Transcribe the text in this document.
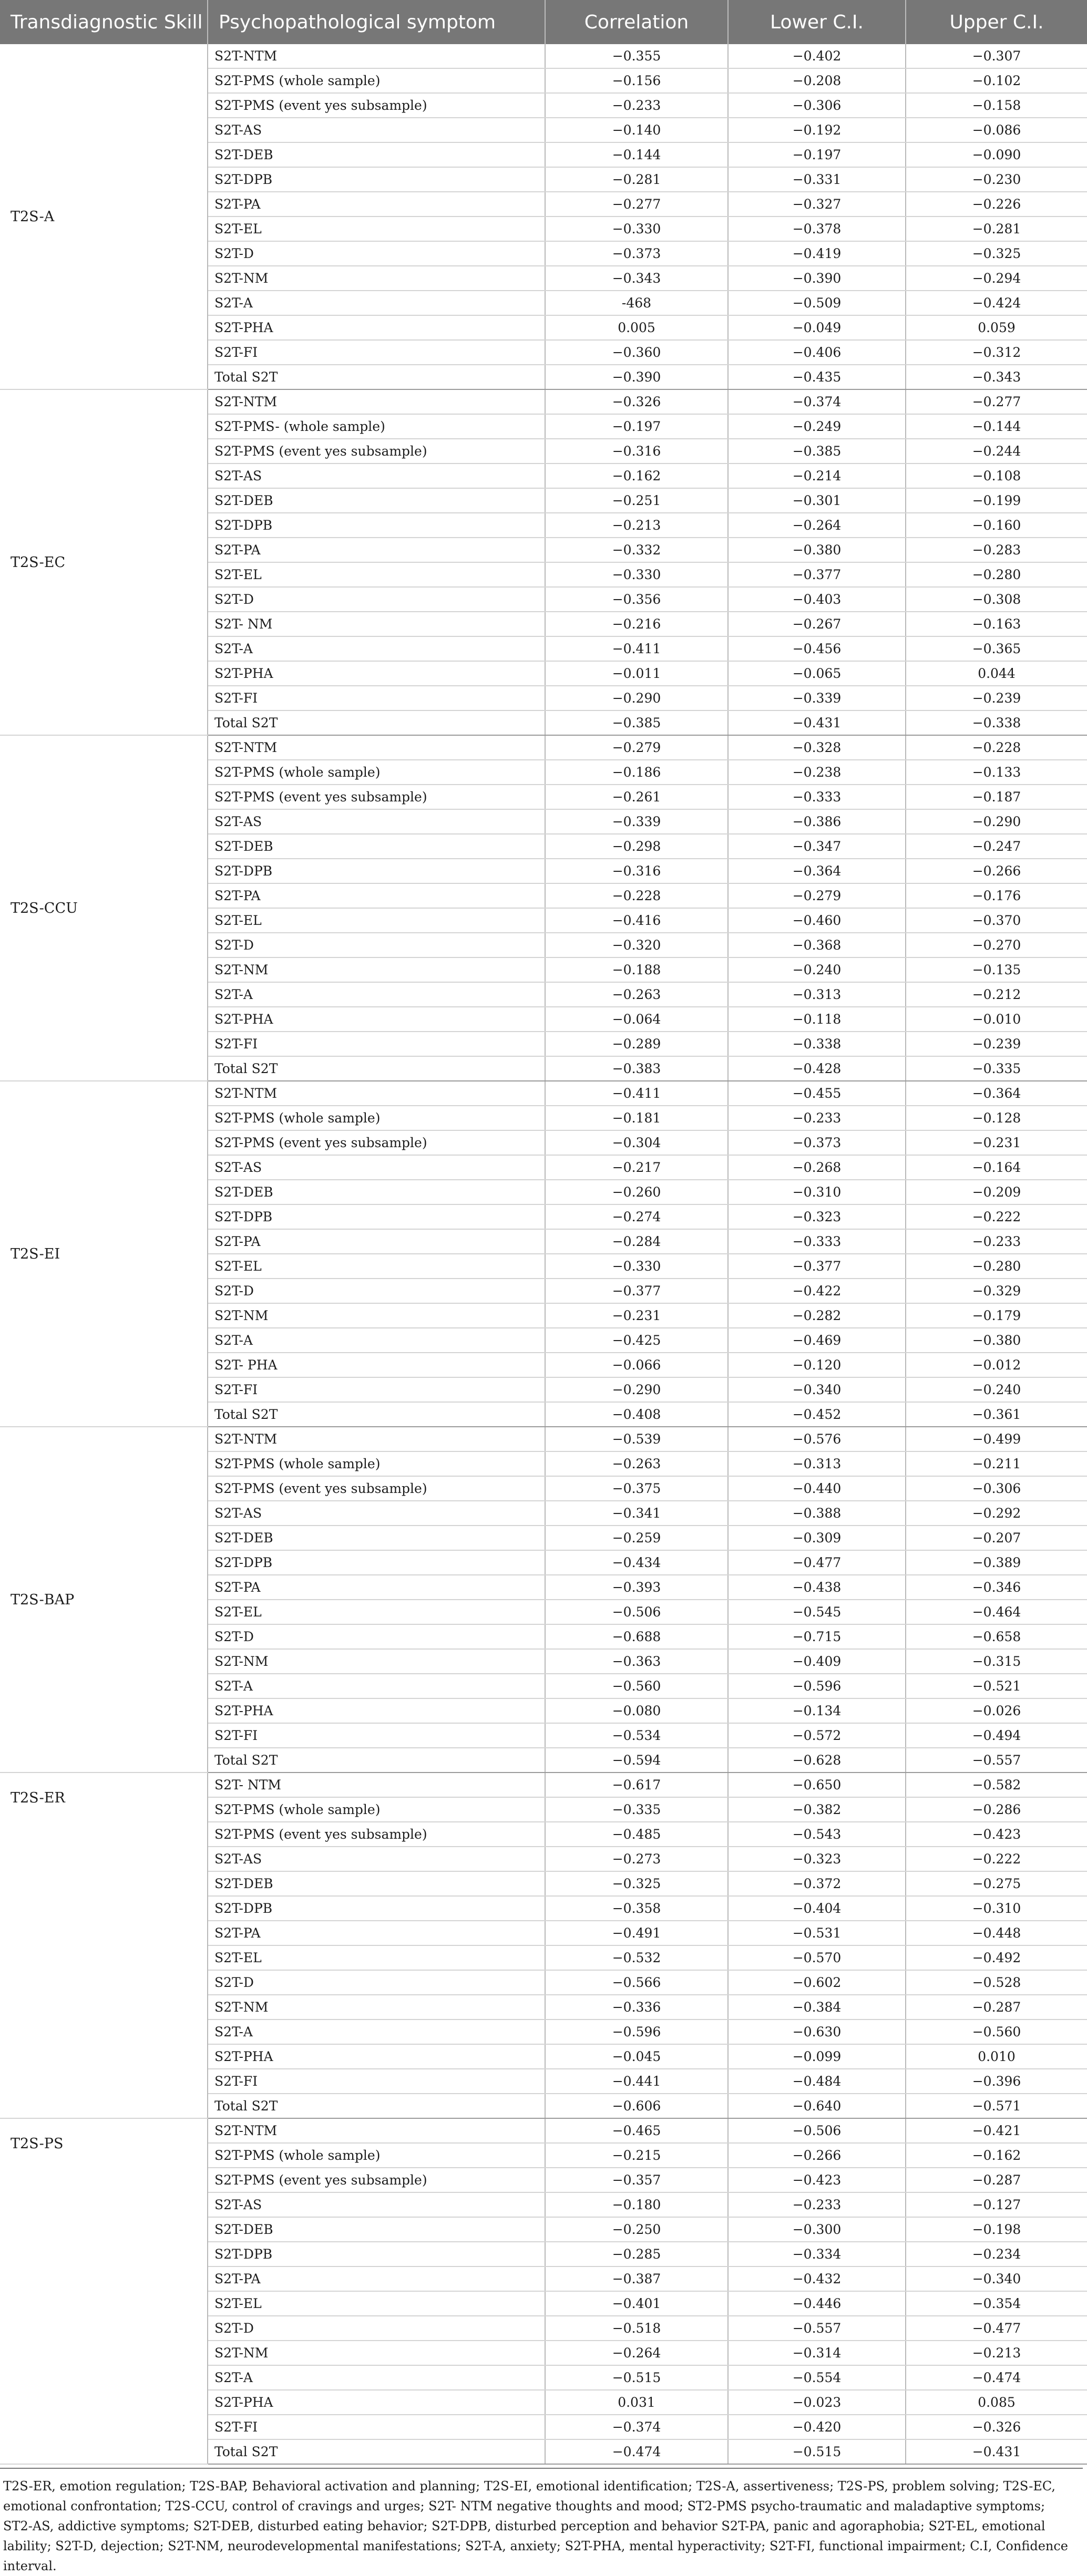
Transdiagnostic Skill	Psychopathological symptom	Correlation	Lower C.I.	Upper C.I.
T2S-A	S2T-NTM	−0.355	−0.402	−0.307
	S2T-PMS (whole sample)	−0.156	−0.208	−0.102
	S2T-PMS (event yes subsample)	−0.233	−0.306	−0.158
	S2T-AS	−0.140	−0.192	−0.086
	S2T-DEB	−0.144	−0.197	−0.090
	S2T-DPB	−0.281	−0.331	−0.230
	S2T-PA	−0.277	−0.327	−0.226
	S2T-EL	−0.330	−0.378	−0.281
	S2T-D	−0.373	−0.419	−0.325
	S2T-NM	−0.343	−0.390	−0.294
	S2T-A	-468	−0.509	−0.424
	S2T-PHA	0.005	−0.049	0.059
	S2T-FI	−0.360	−0.406	−0.312
	Total S2T	−0.390	−0.435	−0.343
T2S-EC	S2T-NTM	−0.326	−0.374	−0.277
	S2T-PMS- (whole sample)	−0.197	−0.249	−0.144
	S2T-PMS (event yes subsample)	−0.316	−0.385	−0.244
	S2T-AS	−0.162	−0.214	−0.108
	S2T-DEB	−0.251	−0.301	−0.199
	S2T-DPB	−0.213	−0.264	−0.160
	S2T-PA	−0.332	−0.380	−0.283
	S2T-EL	−0.330	−0.377	−0.280
	S2T-D	−0.356	−0.403	−0.308
	S2T- NM	−0.216	−0.267	−0.163
	S2T-A	−0.411	−0.456	−0.365
	S2T-PHA	−0.011	−0.065	0.044
	S2T-FI	−0.290	−0.339	−0.239
	Total S2T	−0.385	−0.431	−0.338
T2S-CCU	S2T-NTM	−0.279	−0.328	−0.228
	S2T-PMS (whole sample)	−0.186	−0.238	−0.133
	S2T-PMS (event yes subsample)	−0.261	−0.333	−0.187
	S2T-AS	−0.339	−0.386	−0.290
	S2T-DEB	−0.298	−0.347	−0.247
	S2T-DPB	−0.316	−0.364	−0.266
	S2T-PA	−0.228	−0.279	−0.176
	S2T-EL	−0.416	−0.460	−0.370
	S2T-D	−0.320	−0.368	−0.270
	S2T-NM	−0.188	−0.240	−0.135
	S2T-A	−0.263	−0.313	−0.212
	S2T-PHA	−0.064	−0.118	−0.010
	S2T-FI	−0.289	−0.338	−0.239
	Total S2T	−0.383	−0.428	−0.335
T2S-EI	S2T-NTM	−0.411	−0.455	−0.364
	S2T-PMS (whole sample)	−0.181	−0.233	−0.128
	S2T-PMS (event yes subsample)	−0.304	−0.373	−0.231
	S2T-AS	−0.217	−0.268	−0.164
	S2T-DEB	−0.260	−0.310	−0.209
	S2T-DPB	−0.274	−0.323	−0.222
	S2T-PA	−0.284	−0.333	−0.233
	S2T-EL	−0.330	−0.377	−0.280
	S2T-D	−0.377	−0.422	−0.329
	S2T-NM	−0.231	−0.282	−0.179
	S2T-A	−0.425	−0.469	−0.380
	S2T- PHA	−0.066	−0.120	−0.012
	S2T-FI	−0.290	−0.340	−0.240
	Total S2T	−0.408	−0.452	−0.361
T2S-BAP	S2T-NTM	−0.539	−0.576	−0.499
	S2T-PMS (whole sample)	−0.263	−0.313	−0.211
	S2T-PMS (event yes subsample)	−0.375	−0.440	−0.306
	S2T-AS	−0.341	−0.388	−0.292
	S2T-DEB	−0.259	−0.309	−0.207
	S2T-DPB	−0.434	−0.477	−0.389
	S2T-PA	−0.393	−0.438	−0.346
	S2T-EL	−0.506	−0.545	−0.464
	S2T-D	−0.688	−0.715	−0.658
	S2T-NM	−0.363	−0.409	−0.315
	S2T-A	−0.560	−0.596	−0.521
	S2T-PHA	−0.080	−0.134	−0.026
	S2T-FI	−0.534	−0.572	−0.494
	Total S2T	−0.594	−0.628	−0.557
T2S-ER	S2T- NTM	−0.617	−0.650	−0.582
	S2T-PMS (whole sample)	−0.335	−0.382	−0.286
	S2T-PMS (event yes subsample)	−0.485	−0.543	−0.423
	S2T-AS	−0.273	−0.323	−0.222
	S2T-DEB	−0.325	−0.372	−0.275
	S2T-DPB	−0.358	−0.404	−0.310
	S2T-PA	−0.491	−0.531	−0.448
	S2T-EL	−0.532	−0.570	−0.492
	S2T-D	−0.566	−0.602	−0.528
	S2T-NM	−0.336	−0.384	−0.287
	S2T-A	−0.596	−0.630	−0.560
	S2T-PHA	−0.045	−0.099	0.010
	S2T-FI	−0.441	−0.484	−0.396
	Total S2T	−0.606	−0.640	−0.571
T2S-PS	S2T-NTM	−0.465	−0.506	−0.421
	S2T-PMS (whole sample)	−0.215	−0.266	−0.162
	S2T-PMS (event yes subsample)	−0.357	−0.423	−0.287
	S2T-AS	−0.180	−0.233	−0.127
	S2T-DEB	−0.250	−0.300	−0.198
	S2T-DPB	−0.285	−0.334	−0.234
	S2T-PA	−0.387	−0.432	−0.340
	S2T-EL	−0.401	−0.446	−0.354
	S2T-D	−0.518	−0.557	−0.477
	S2T-NM	−0.264	−0.314	−0.213
	S2T-A	−0.515	−0.554	−0.474
	S2T-PHA	0.031	−0.023	0.085
	S2T-FI	−0.374	−0.420	−0.326
	Total S2T	−0.474	−0.515	−0.431
T2S-ER, emotion regulation; T2S-BAP, Behavioral activation and planning; T2S-EI, emotional identification; T2S-A, assertiveness; T2S-PS, problem solving; T2S-EC, emotional confrontation; T2S-CCU, control of cravings and urges; S2T- NTM negative thoughts and mood; ST2-PMS psycho-traumatic and maladaptive symptoms; ST2-AS, addictive symptoms; S2T-DEB, disturbed eating behavior; S2T-DPB, disturbed perception and behavior S2T-PA, panic and agoraphobia; S2T-EL, emotional lability; S2T-D, dejection; S2T-NM, neurodevelopmental manifestations; S2T-A, anxiety; S2T-PHA, mental hyperactivity; S2T-FI, functional impairment; C.I, Confidence interval.
